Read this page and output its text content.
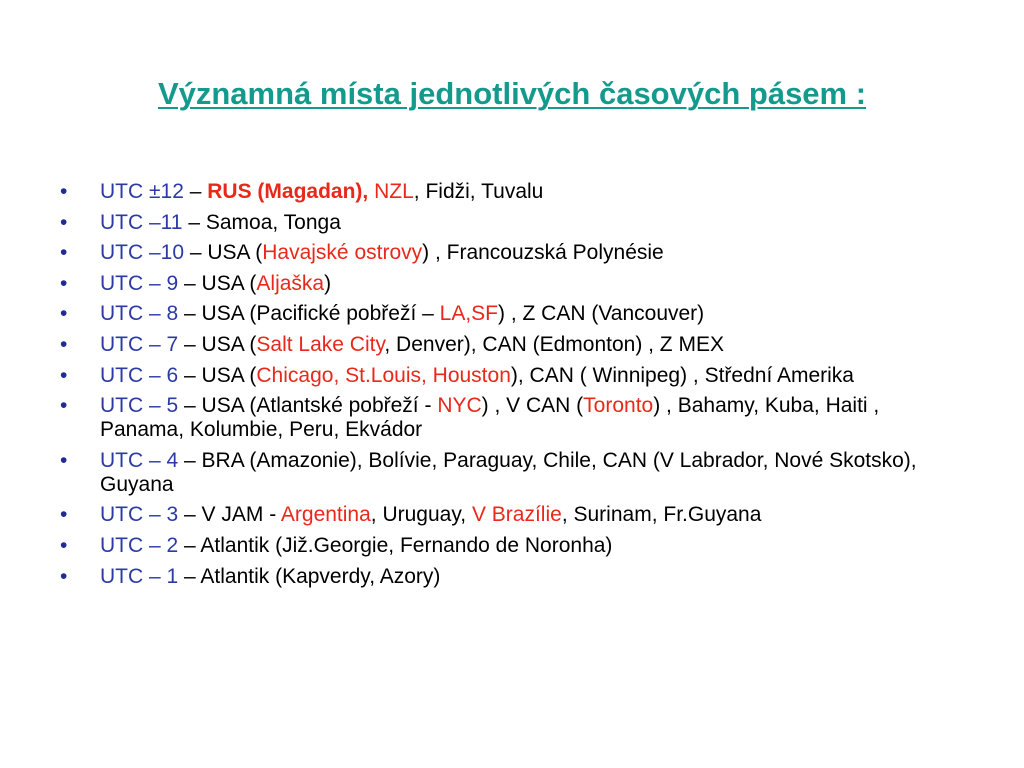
Významná místa jednotlivých časových pásem :
• UTC ±12 – RUS (Magadan), NZL, Fidži, Tuvalu
• UTC –11 – Samoa, Tonga
• UTC –10 – USA (Havajské ostrovy) , Francouzská Polynésie
• UTC – 9 – USA (Aljaška)
• UTC – 8 – USA (Pacifické pobřeží – LA,SF) , Z CAN (Vancouver)
• UTC – 7 – USA (Salt Lake City, Denver), CAN (Edmonton) , Z MEX
• UTC – 6 – USA (Chicago, St.Louis, Houston), CAN ( Winnipeg) , Střední Amerika
• UTC – 5 – USA (Atlantské pobřeží - NYC) , V CAN (Toronto) , Bahamy, Kuba, Haiti , Panama, Kolumbie, Peru, Ekvádor
• UTC – 4 – BRA (Amazonie), Bolívie, Paraguay, Chile, CAN (V Labrador, Nové Skotsko), Guyana
• UTC – 3 – V JAM - Argentina, Uruguay, V Brazílie, Surinam, Fr.Guyana
• UTC – 2 – Atlantik (Již.Georgie, Fernando de Noronha)
• UTC – 1 – Atlantik (Kapverdy, Azory)
